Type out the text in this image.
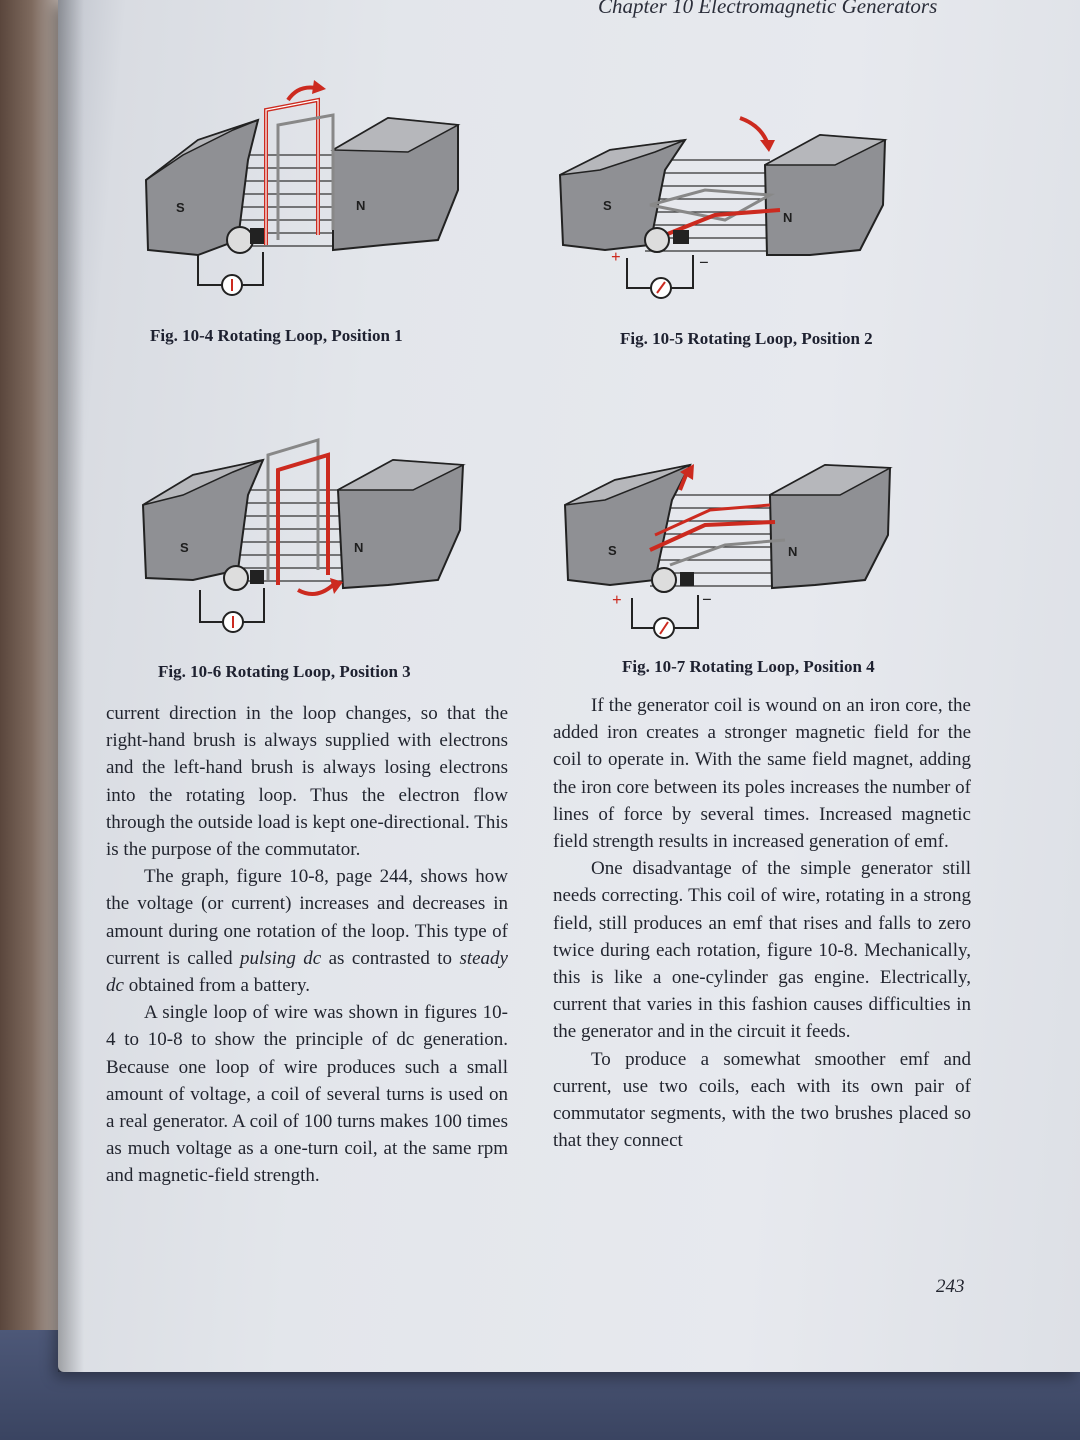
Chapter 10 Electromagnetic Generators
S	N
Fig. 10-4 Rotating Loop, Position 1
S
N
+	−
Fig. 10-5 Rotating Loop, Position 2
S	N
Fig. 10-6 Rotating Loop, Position 3
S	N
+	−
Fig. 10-7 Rotating Loop, Position 4

current direction in the loop changes, so that the right-hand brush is always supplied with electrons and the left-hand brush is always losing electrons into the rotating loop. Thus the electron flow through the outside load is kept one-directional. This is the purpose of the commutator.

The graph, figure 10-8, page 244, shows how the voltage (or current) increases and decreases in amount during one rotation of the loop. This type of current is called pulsing dc as contrasted to steady dc obtained from a battery.

A single loop of wire was shown in figures 10-4 to 10-8 to show the principle of dc generation. Because one loop of wire produces such a small amount of voltage, a coil of several turns is used on a real generator. A coil of 100 turns makes 100 times as much voltage as a one-turn coil, at the same rpm and magnetic-field strength.

If the generator coil is wound on an iron core, the added iron creates a stronger magnetic field for the coil to operate in. With the same field magnet, adding the iron core between its poles increases the number of lines of force by several times. Increased magnetic field strength results in increased generation of emf.

One disadvantage of the simple generator still needs correcting. This coil of wire, rotating in a strong field, still produces an emf that rises and falls to zero twice during each rotation, figure 10-8. Mechanically, this is like a one-cylinder gas engine. Electrically, current that varies in this fashion causes difficulties in the generator and in the circuit it feeds.

To produce a somewhat smoother emf and current, use two coils, each with its own pair of commutator segments, with the two brushes placed so that they connect

243
